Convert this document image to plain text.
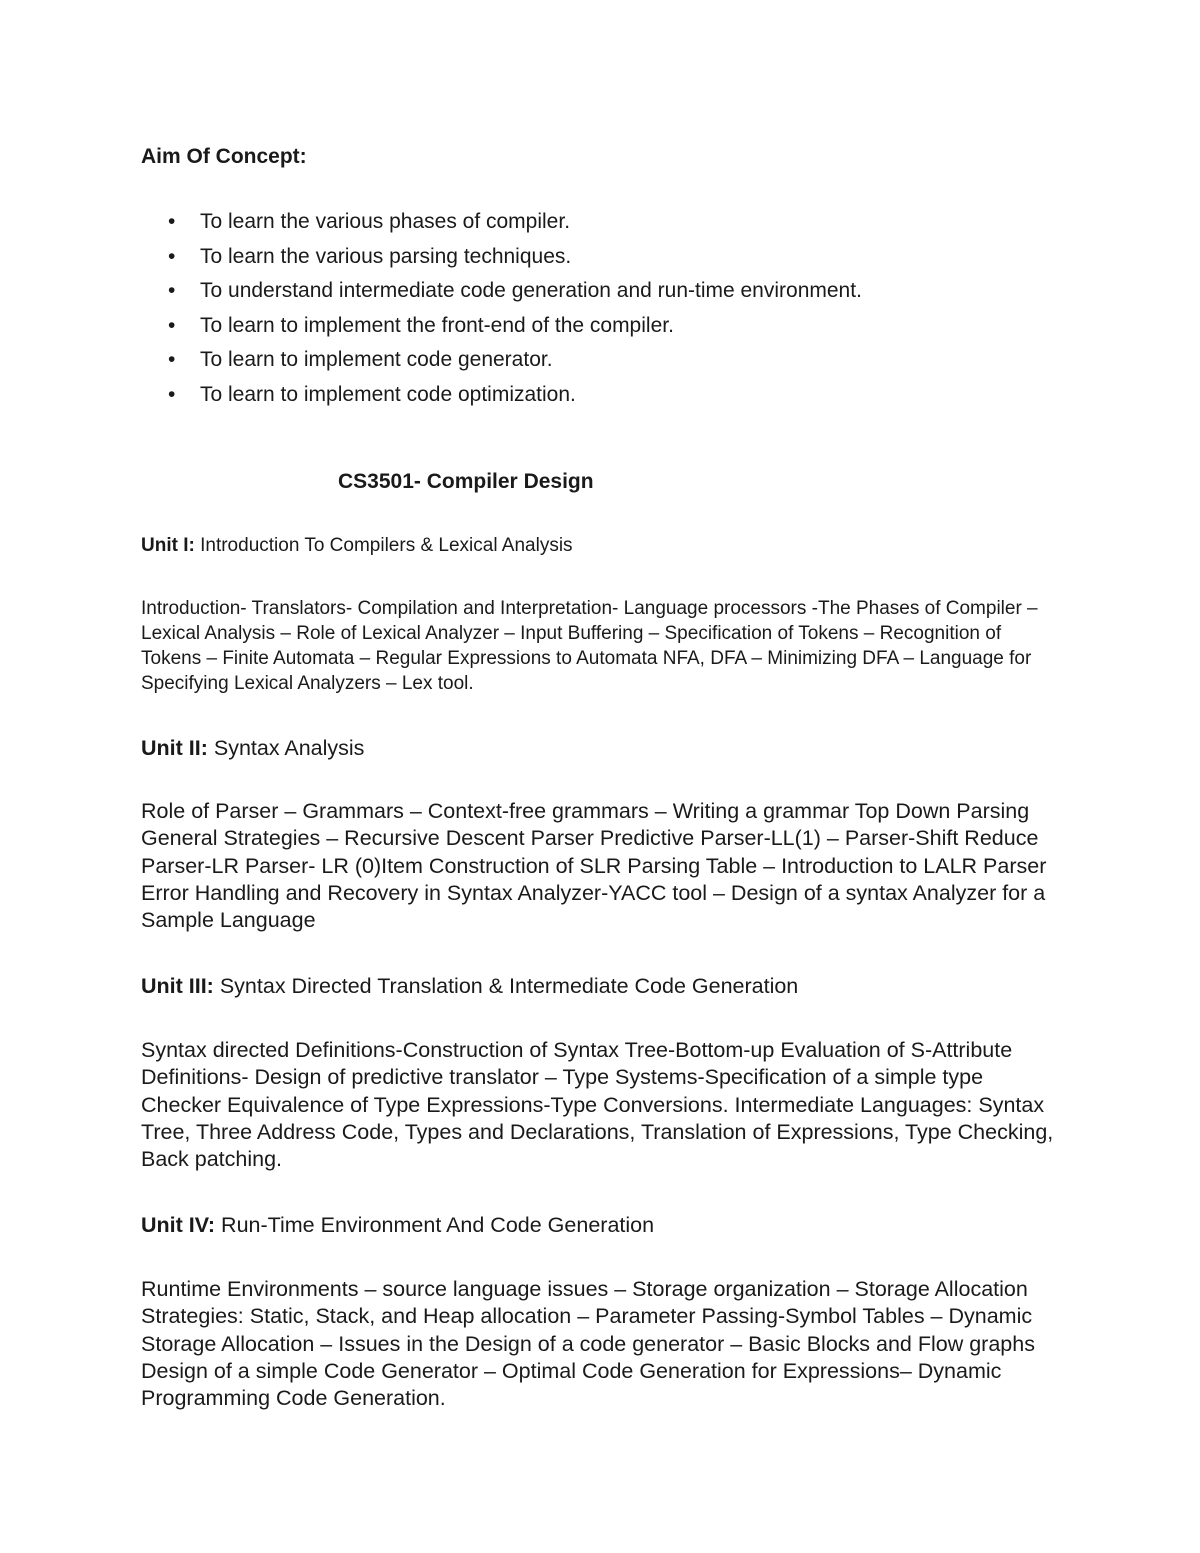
Aim Of Concept:
• To learn the various phases of compiler.
• To learn the various parsing techniques.
• To understand intermediate code generation and run-time environment.
• To learn to implement the front-end of the compiler.
• To learn to implement code generator.
• To learn to implement code optimization.
CS3501- Compiler Design

Unit I: Introduction To Compilers & Lexical Analysis

Introduction- Translators- Compilation and Interpretation- Language processors -The Phases of Compiler – Lexical Analysis – Role of Lexical Analyzer – Input Buffering – Specification of Tokens – Recognition of Tokens – Finite Automata – Regular Expressions to Automata NFA, DFA – Minimizing DFA – Language for Specifying Lexical Analyzers – Lex tool.

Unit II: Syntax Analysis

Role of Parser – Grammars – Context-free grammars – Writing a grammar Top Down Parsing General Strategies – Recursive Descent Parser Predictive Parser-LL(1) – Parser-Shift Reduce Parser-LR Parser- LR (0)Item Construction of SLR Parsing Table – Introduction to LALR Parser Error Handling and Recovery in Syntax Analyzer-YACC tool – Design of a syntax Analyzer for a Sample Language

Unit III: Syntax Directed Translation & Intermediate Code Generation

Syntax directed Definitions-Construction of Syntax Tree-Bottom-up Evaluation of S-Attribute Definitions- Design of predictive translator – Type Systems-Specification of a simple type Checker Equivalence of Type Expressions-Type Conversions. Intermediate Languages: Syntax Tree, Three Address Code, Types and Declarations, Translation of Expressions, Type Checking, Back patching.

Unit IV: Run-Time Environment And Code Generation

Runtime Environments – source language issues – Storage organization – Storage Allocation Strategies: Static, Stack, and Heap allocation – Parameter Passing-Symbol Tables – Dynamic Storage Allocation – Issues in the Design of a code generator – Basic Blocks and Flow graphs Design of a simple Code Generator – Optimal Code Generation for Expressions– Dynamic Programming Code Generation.
